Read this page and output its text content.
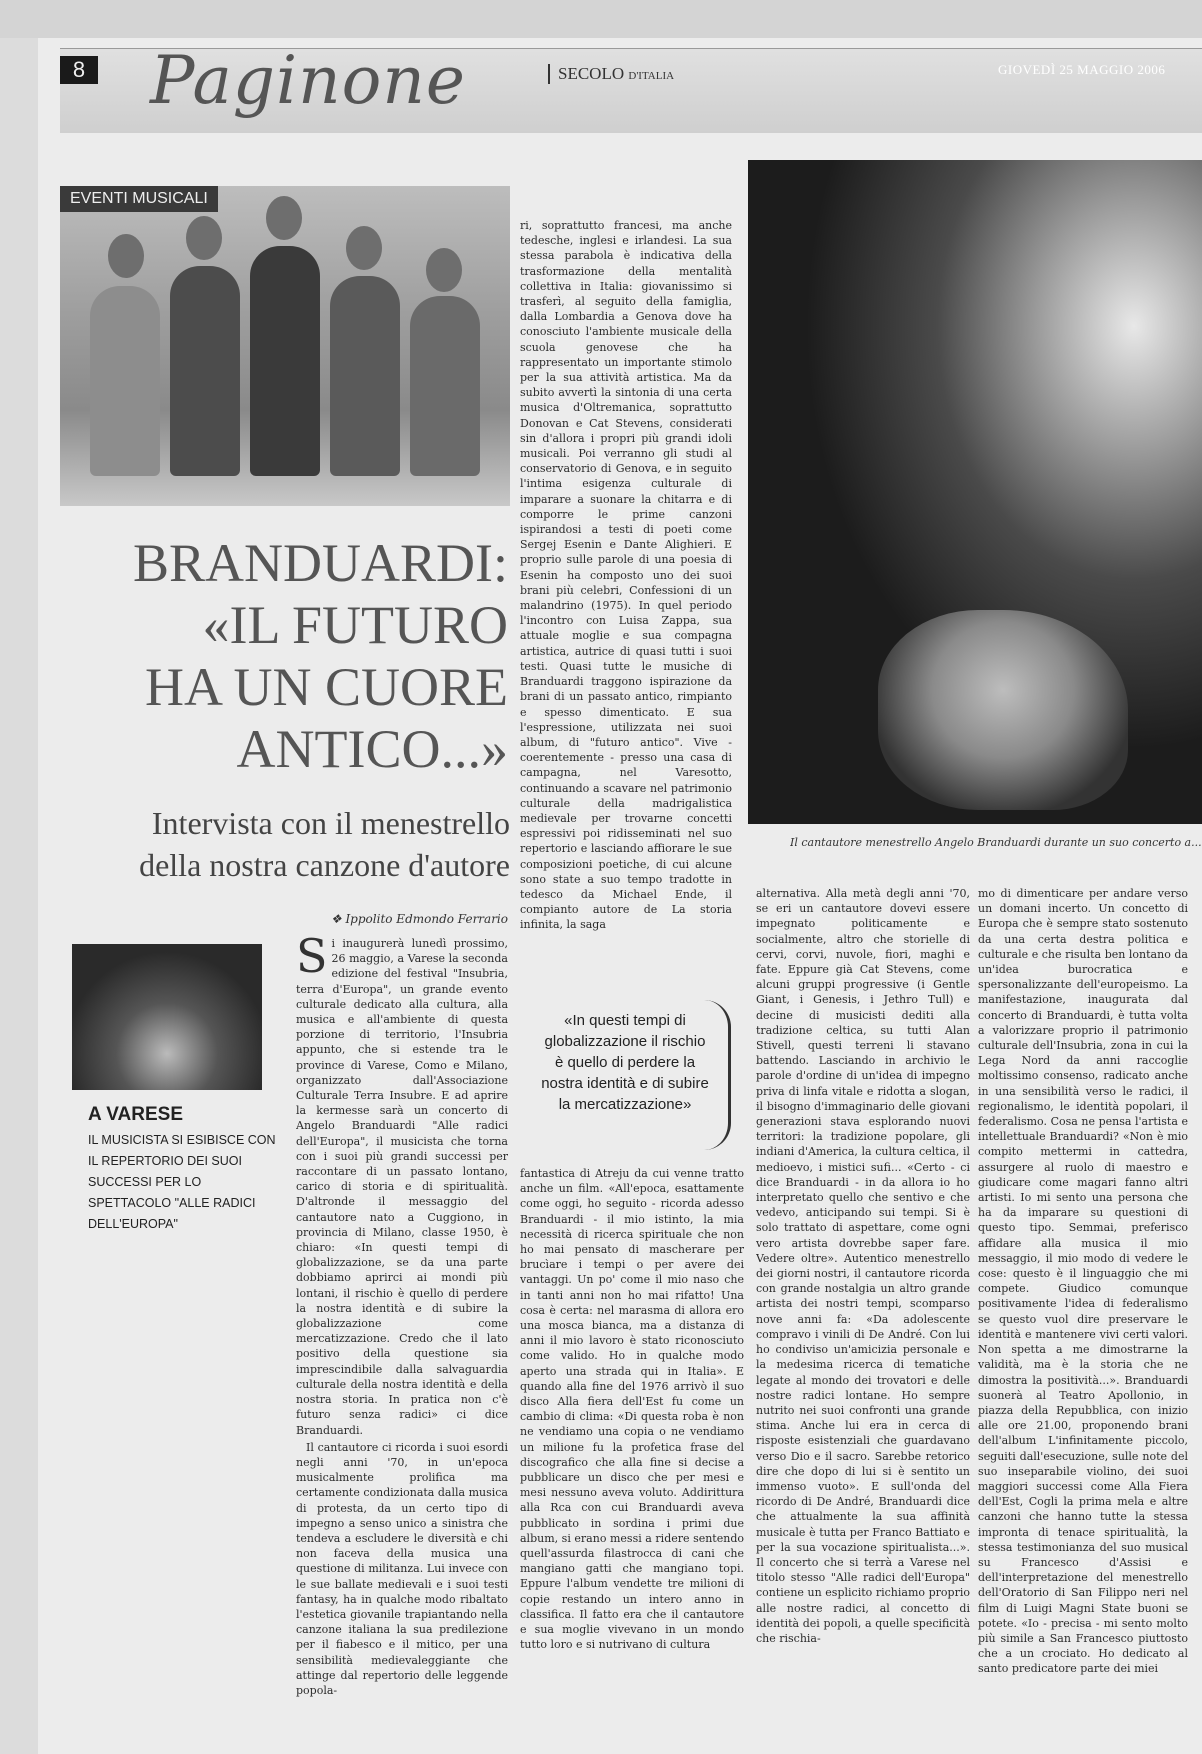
8 Paginone	SECOLO D'ITALIA	GIOVEDÌ 25 MAGGIO 2006
EVENTI MUSICALI
BRANDUARDI:
«IL FUTURO
HA UN CUORE
ANTICO...»
Intervista con il menestrello
della nostra canzone d'autore
❖ Ippolito Edmondo Ferrario
A VARESE
IL MUSICISTA SI ESIBISCE CON IL REPERTORIO DEI SUOI SUCCESSI PER LO SPETTACOLO "ALLE RADICI DELL'EUROPA"

Si inaugurerà lunedì prossimo, 26 maggio, a Varese la seconda edizione del festival "Insubria, terra d'Europa", un grande evento culturale dedicato alla cultura, alla musica e all'ambiente di questa porzione di territorio, l'Insubria appunto, che si estende tra le province di Varese, Como e Milano, organizzato dall'Associazione Culturale Terra Insubre. E ad aprire la kermesse sarà un concerto di Angelo Branduardi "Alle radici dell'Europa", il musicista che torna con i suoi più grandi successi per raccontare di un passato lontano, carico di storia e di spiritualità. D'altronde il messaggio del cantautore nato a Cuggiono, in provincia di Milano, classe 1950, è chiaro: «In questi tempi di globalizzazione, se da una parte dobbiamo aprirci ai mondi più lontani, il rischio è quello di perdere la nostra identità e di subire la globalizzazione come mercatizzazione. Credo che il lato positivo della questione sia imprescindibile dalla salvaguardia culturale della nostra identità e della nostra storia. In pratica non c'è futuro senza radici» ci dice Branduardi.

Il cantautore ci ricorda i suoi esordi negli anni '70, in un'epoca musicalmente prolifica ma certamente condizionata dalla musica di protesta, da un certo tipo di impegno a senso unico a sinistra che tendeva a escludere le diversità e chi non faceva della musica una questione di militanza. Lui invece con le sue ballate medievali e i suoi testi fantasy, ha in qualche modo ribaltato l'estetica giovanile trapiantando nella canzone italiana la sua predilezione per il fiabesco e il mitico, per una sensibilità medievaleggiante che attinge dal repertorio delle leggende popola-

ri, soprattutto francesi, ma anche tedesche, inglesi e irlandesi. La sua stessa parabola è indicativa della trasformazione della mentalità collettiva in Italia: giovanissimo si trasferì, al seguito della famiglia, dalla Lombardia a Genova dove ha conosciuto l'ambiente musicale della scuola genovese che ha rappresentato un importante stimolo per la sua attività artistica. Ma da subito avvertì la sintonia di una certa musica d'Oltremanica, soprattutto Donovan e Cat Stevens, considerati sin d'allora i propri più grandi idoli musicali. Poi verranno gli studi al conservatorio di Genova, e in seguito l'intima esigenza culturale di imparare a suonare la chitarra e di comporre le prime canzoni ispirandosi a testi di poeti come Sergej Esenin e Dante Alighieri. E proprio sulle parole di una poesia di Esenin ha composto uno dei suoi brani più celebri, Confessioni di un malandrino (1975). In quel periodo l'incontro con Luisa Zappa, sua attuale moglie e sua compagna artistica, autrice di quasi tutti i suoi testi. Quasi tutte le musiche di Branduardi traggono ispirazione da brani di un passato antico, rimpianto e spesso dimenticato. E sua l'espressione, utilizzata nei suoi album, di "futuro antico". Vive - coerentemente - presso una casa di campagna, nel Varesotto, continuando a scavare nel patrimonio culturale della madrigalistica medievale per trovarne concetti espressivi poi ridisseminati nel suo repertorio e lasciando affiorare le sue composizioni poetiche, di cui alcune sono state a suo tempo tradotte in tedesco da Michael Ende, il compianto autore de La storia infinita, la saga

«In questi tempi di globalizzazione il rischio è quello di perdere la nostra identità e di subire la mercatizzazione»

fantastica di Atreju da cui venne tratto anche un film. «All'epoca, esattamente come oggi, ho seguito - ricorda adesso Branduardi - il mio istinto, la mia necessità di ricerca spirituale che non ho mai pensato di mascherare per brucìare i tempi o per avere dei vantaggi. Un po' come il mio naso che in tanti anni non ho mai rifatto! Una cosa è certa: nel marasma di allora ero una mosca bianca, ma a distanza di anni il mio lavoro è stato riconosciuto come valido. Ho in qualche modo aperto una strada qui in Italia». E quando alla fine del 1976 arrivò il suo disco Alla fiera dell'Est fu come un cambio di clima: «Di questa roba è non ne vendiamo una copia o ne vendiamo un milione fu la profetica frase del discografico che alla fine si decise a pubblicare un disco che per mesi e mesi nessuno aveva voluto. Addirittura alla Rca con cui Branduardi aveva pubblicato in sordina i primi due album, si erano messi a ridere sentendo quell'assurda filastrocca di cani che mangiano gatti che mangiano topi. Eppure l'album vendette tre milioni di copie restando un intero anno in classifica. Il fatto era che il cantautore e sua moglie vivevano in un mondo tutto loro e si nutrivano di cultura

Il cantautore menestrello Angelo Branduardi durante un suo concerto a...

alternativa. Alla metà degli anni '70, se eri un cantautore dovevi essere impegnato politicamente e socialmente, altro che storielle di cervi, corvi, nuvole, fiori, maghi e fate. Eppure già Cat Stevens, come alcuni gruppi progressive (i Gentle Giant, i Genesis, i Jethro Tull) e decine di musicisti dediti alla tradizione celtica, su tutti Alan Stivell, questi terreni li stavano battendo. Lasciando in archivio le parole d'ordine di un'idea di impegno priva di linfa vitale e ridotta a slogan, il bisogno d'immaginario delle giovani generazioni stava esplorando nuovi territori: la tradizione popolare, gli indiani d'America, la cultura celtica, il medioevo, i mistici sufi... «Certo - ci dice Branduardi - in da allora io ho interpretato quello che sentivo e che vedevo, anticipando sui tempi. Si è solo trattato di aspettare, come ogni vero artista dovrebbe saper fare. Vedere oltre». Autentico menestrello dei giorni nostri, il cantautore ricorda con grande nostalgia un altro grande artista dei nostri tempi, scomparso nove anni fa: «Da adolescente compravo i vinili di De André. Con lui ho condiviso un'amicizia personale e la medesima ricerca di tematiche legate al mondo dei trovatori e delle nostre radici lontane. Ho sempre nutrito nei suoi confronti una grande stima. Anche lui era in cerca di risposte esistenziali che guardavano verso Dio e il sacro. Sarebbe retorico dire che dopo di lui si è sentito un immenso vuoto». E sull'onda del ricordo di De André, Branduardi dice che attualmente la sua affinità musicale è tutta per Franco Battiato e per la sua vocazione spiritualista...». Il concerto che si terrà a Varese nel titolo stesso "Alle radici dell'Europa" contiene un esplicito richiamo proprio alle nostre radici, al concetto di identità dei popoli, a quelle specificità che rischia-

mo di dimenticare per andare verso un domani incerto. Un concetto di Europa che è sempre stato sostenuto da una certa destra politica e culturale e che risulta ben lontano da un'idea burocratica e spersonalizzante dell'europeismo. La manifestazione, inaugurata dal concerto di Branduardi, è tutta volta a valorizzare proprio il patrimonio culturale dell'Insubria, zona in cui la Lega Nord da anni raccoglie moltissimo consenso, radicato anche in una sensibilità verso le radici, il regionalismo, le identità popolari, il federalismo. Cosa ne pensa l'artista e intellettuale Branduardi? «Non è mio compito mettermi in cattedra, assurgere al ruolo di maestro e giudicare come magari fanno altri artisti. Io mi sento una persona che ha da imparare su questioni di questo tipo. Semmai, preferisco affidare alla musica il mio messaggio, il mio modo di vedere le cose: questo è il linguaggio che mi compete. Giudico comunque positivamente l'idea di federalismo se questo vuol dire preservare le identità e mantenere vivi certi valori. Non spetta a me dimostrarne la validità, ma è la storia che ne dimostra la positività...». Branduardi suonerà al Teatro Apollonio, in piazza della Repubblica, con inizio alle ore 21.00, proponendo brani dell'album L'infinitamente piccolo, seguiti dall'esecuzione, sulle note del suo inseparabile violino, dei suoi maggiori successi come Alla Fiera dell'Est, Cogli la prima mela e altre canzoni che hanno tutte la stessa impronta di tenace spiritualità, la stessa testimonianza del suo musical su Francesco d'Assisi e dell'interpretazione del menestrello dell'Oratorio di San Filippo neri nel film di Luigi Magni State buoni se potete. «Io - precisa - mi sento molto più simile a San Francesco piuttosto che a un crociato. Ho dedicato al santo predicatore parte dei miei
